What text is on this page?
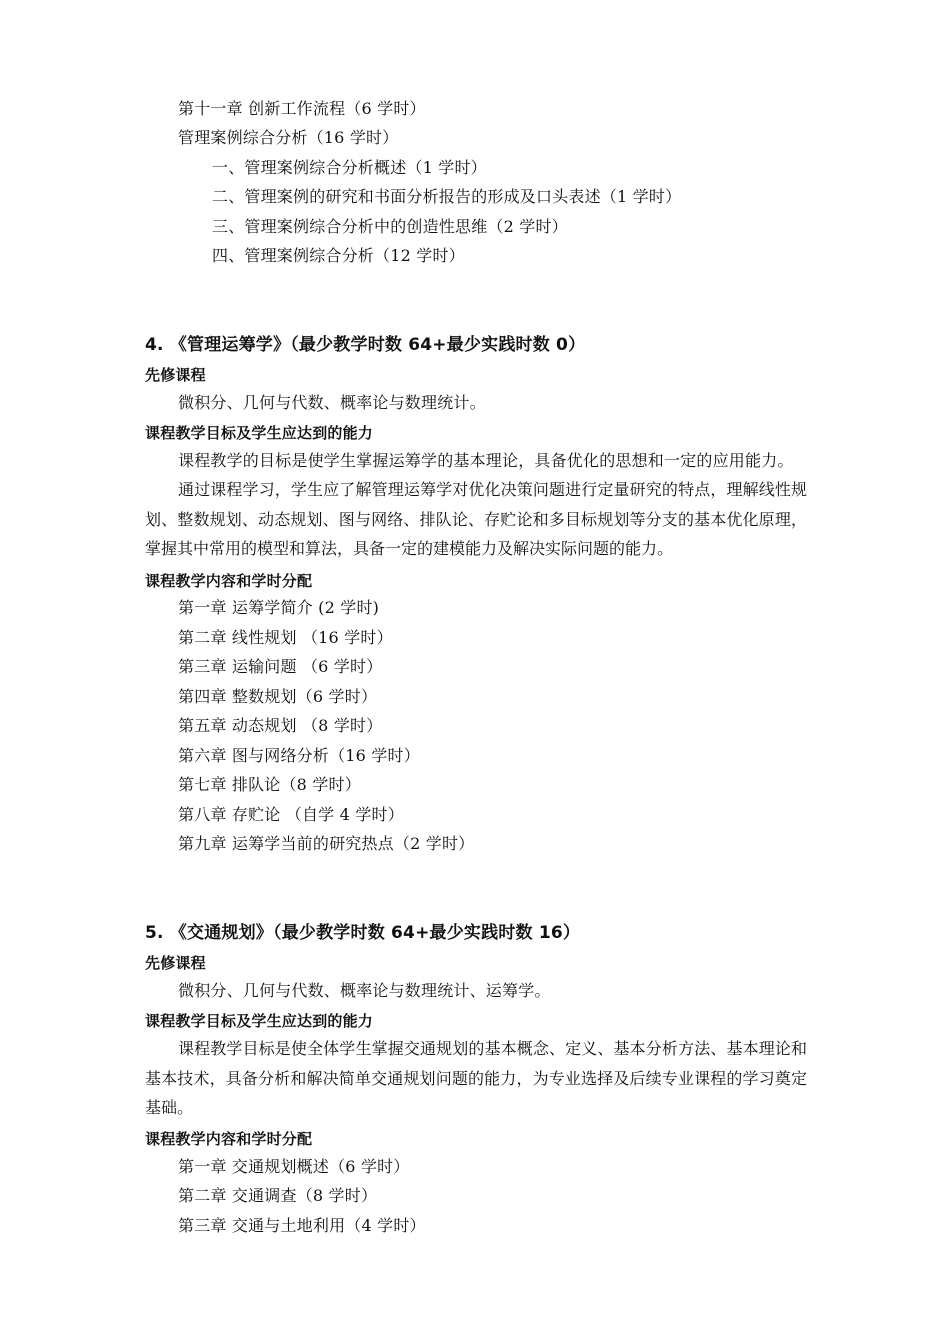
第十一章 创新工作流程（6 学时）
管理案例综合分析（16 学时）
一、管理案例综合分析概述（1 学时）
二、管理案例的研究和书面分析报告的形成及口头表述（1 学时）
三、管理案例综合分析中的创造性思维（2 学时）
四、管理案例综合分析（12 学时）
4. 《管理运筹学》（最少教学时数 64+最少实践时数 0）
先修课程
微积分、几何与代数、概率论与数理统计。
课程教学目标及学生应达到的能力
课程教学的目标是使学生掌握运筹学的基本理论，具备优化的思想和一定的应用能力。
通过课程学习，学生应了解管理运筹学对优化决策问题进行定量研究的特点，理解线性规划、整数规划、动态规划、图与网络、排队论、存贮论和多目标规划等分支的基本优化原理，掌握其中常用的模型和算法，具备一定的建模能力及解决实际问题的能力。
课程教学内容和学时分配
第一章 运筹学简介 (2 学时)
第二章 线性规划 （16 学时）
第三章 运输问题 （6 学时）
第四章 整数规划（6 学时）
第五章 动态规划 （8 学时）
第六章 图与网络分析（16 学时）
第七章 排队论（8 学时）
第八章 存贮论 （自学 4 学时）
第九章 运筹学当前的研究热点（2 学时）
5. 《交通规划》（最少教学时数 64+最少实践时数 16）
先修课程
微积分、几何与代数、概率论与数理统计、运筹学。
课程教学目标及学生应达到的能力
课程教学目标是使全体学生掌握交通规划的基本概念、定义、基本分析方法、基本理论和基本技术，具备分析和解决简单交通规划问题的能力，为专业选择及后续专业课程的学习奠定基础。
课程教学内容和学时分配
第一章 交通规划概述（6 学时）
第二章 交通调查（8 学时）
第三章 交通与土地利用（4 学时）
